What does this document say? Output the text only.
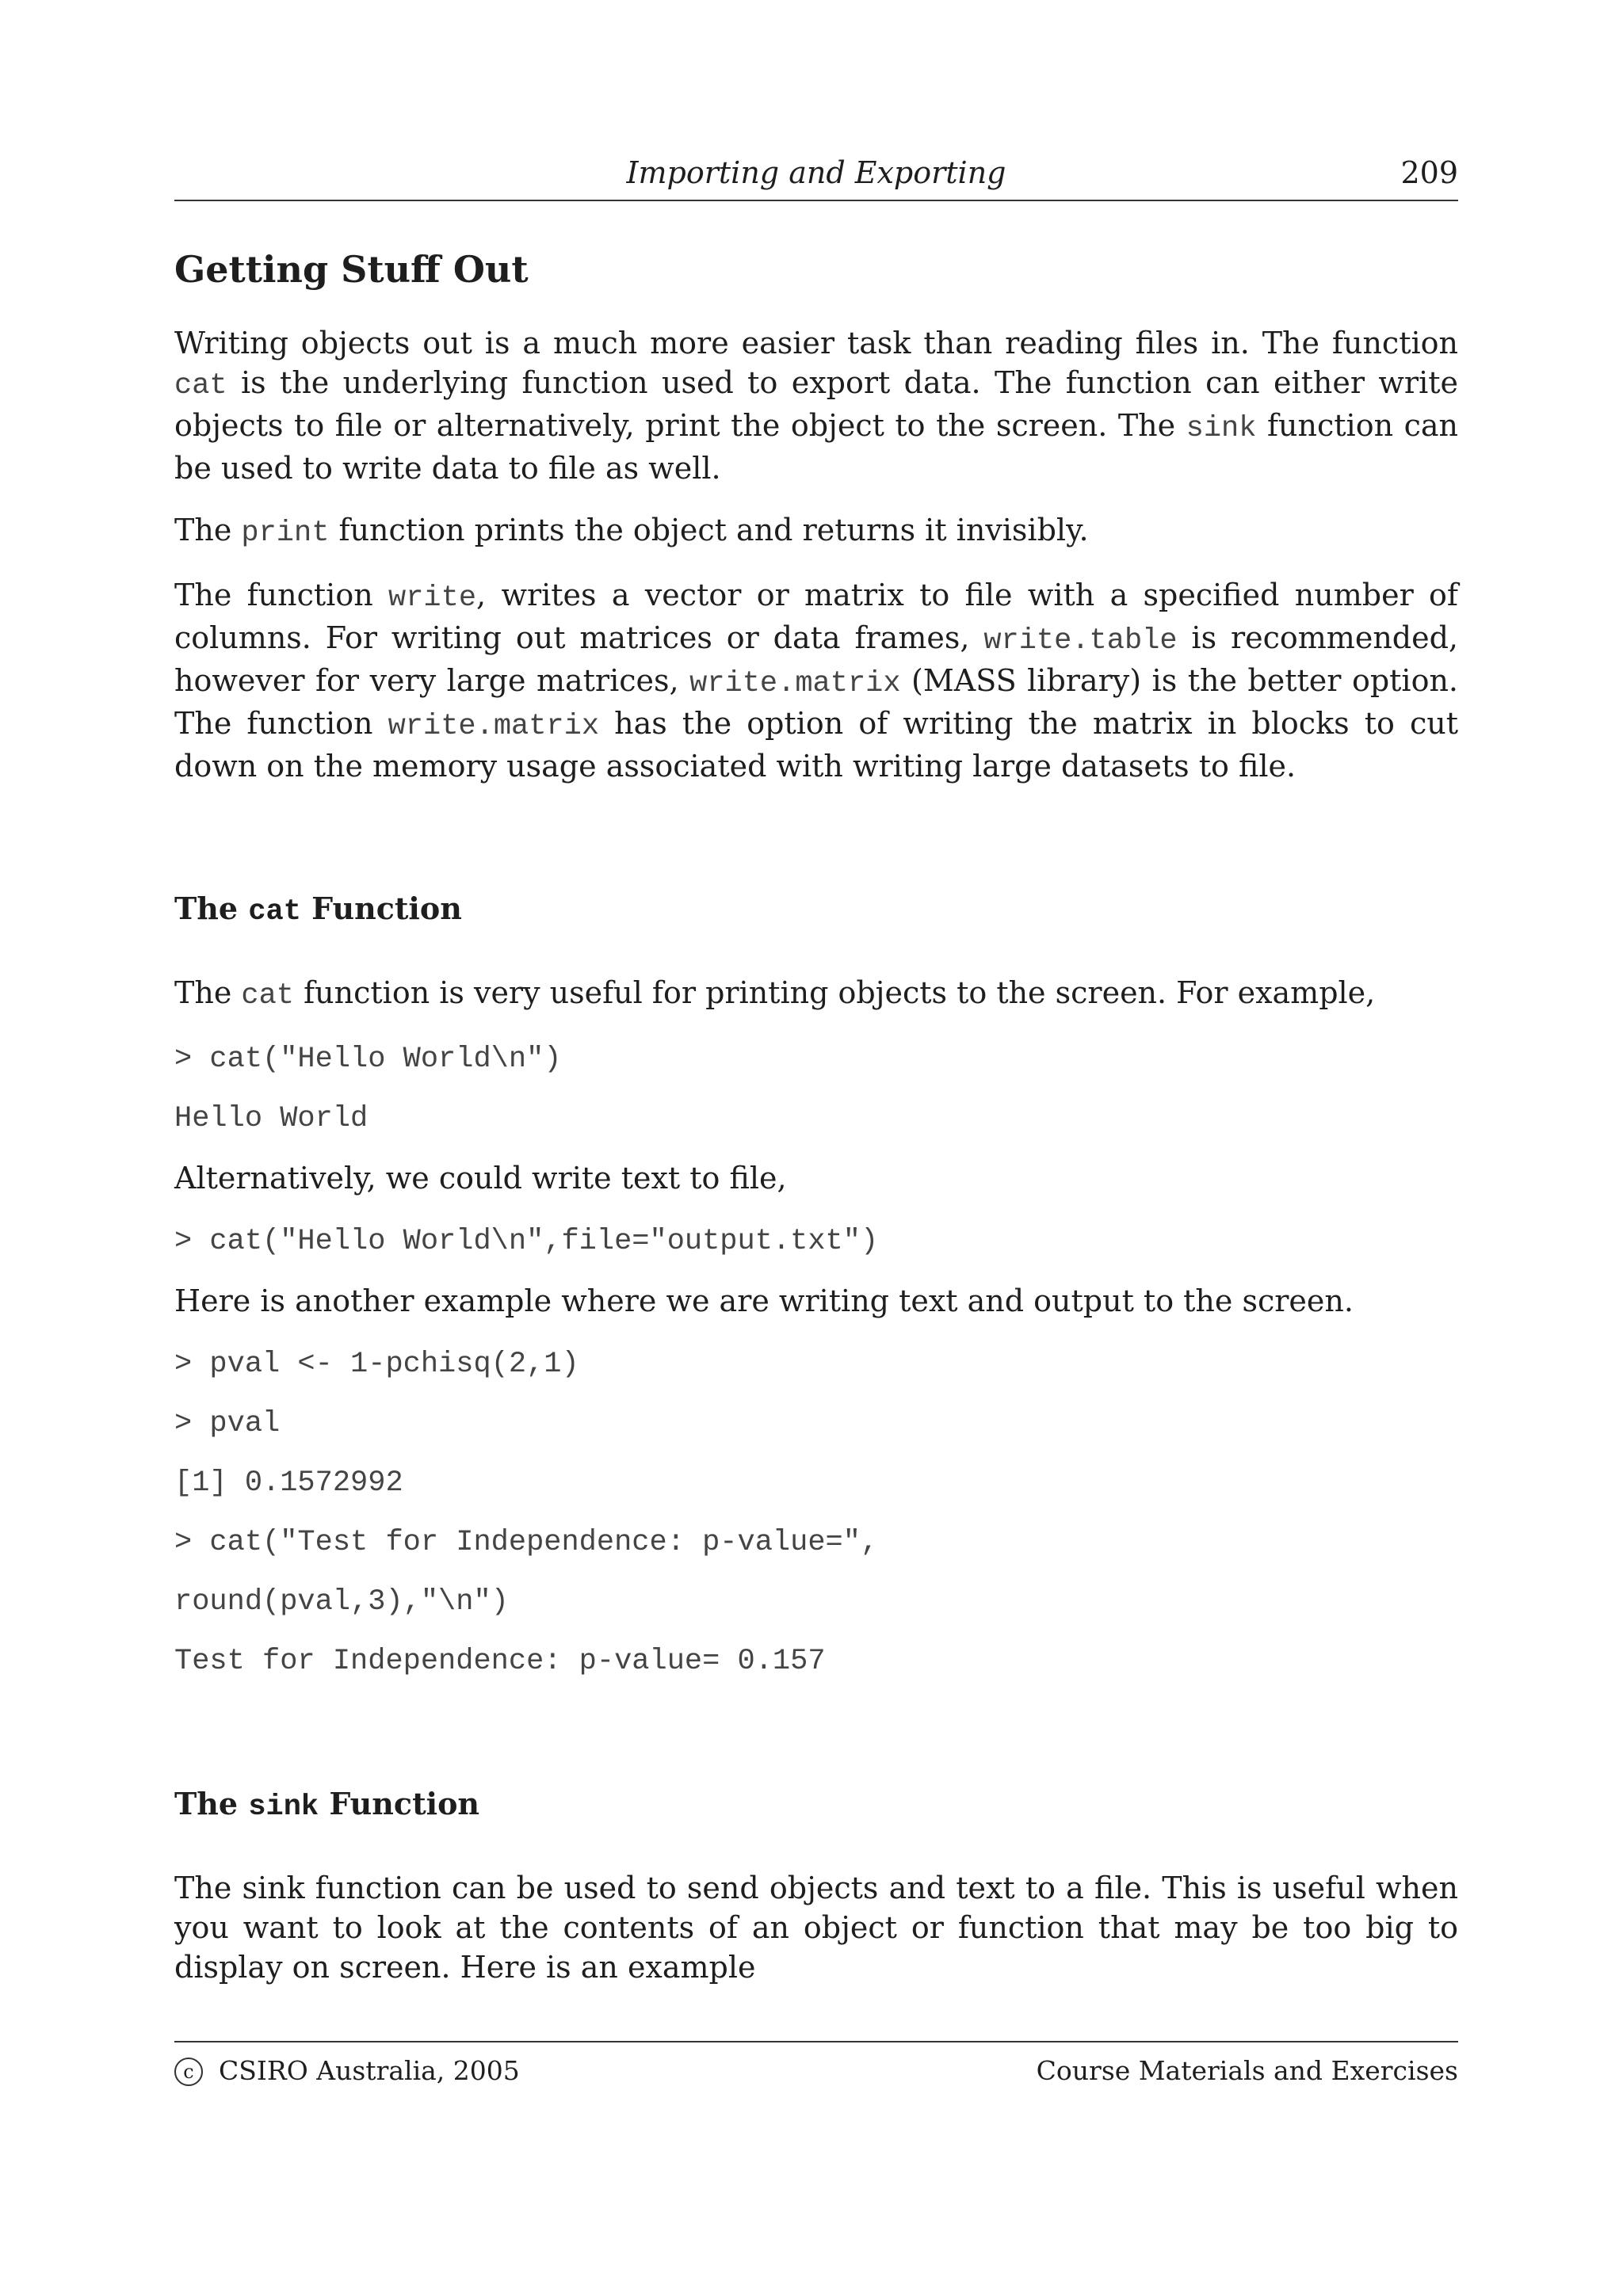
Importing and Exporting	209
Getting Stuff Out

Writing objects out is a much more easier task than reading files in. The function cat is the underlying function used to export data. The function can either write objects to file or alternatively, print the object to the screen. The sink function can be used to write data to file as well.

The print function prints the object and returns it invisibly.

The function write, writes a vector or matrix to file with a specified number of columns. For writing out matrices or data frames, write.table is recommended, however for very large matrices, write.matrix (MASS library) is the better option. The function write.matrix has the option of writing the matrix in blocks to cut down on the memory usage associated with writing large datasets to file.

The cat Function

The cat function is very useful for printing objects to the screen. For example,

> cat("Hello World\n")
Hello World

Alternatively, we could write text to file,

> cat("Hello World\n",file="output.txt")

Here is another example where we are writing text and output to the screen.

> pval <- 1-pchisq(2,1)
> pval
[1] 0.1572992
> cat("Test for Independence: p-value=",
round(pval,3),"\n")
Test for Independence: p-value= 0.157
The sink Function

The sink function can be used to send objects and text to a file. This is useful when you want to look at the contents of an object or function that may be too big to display on screen. Here is an example

c CSIRO Australia, 2005	Course Materials and Exercises
